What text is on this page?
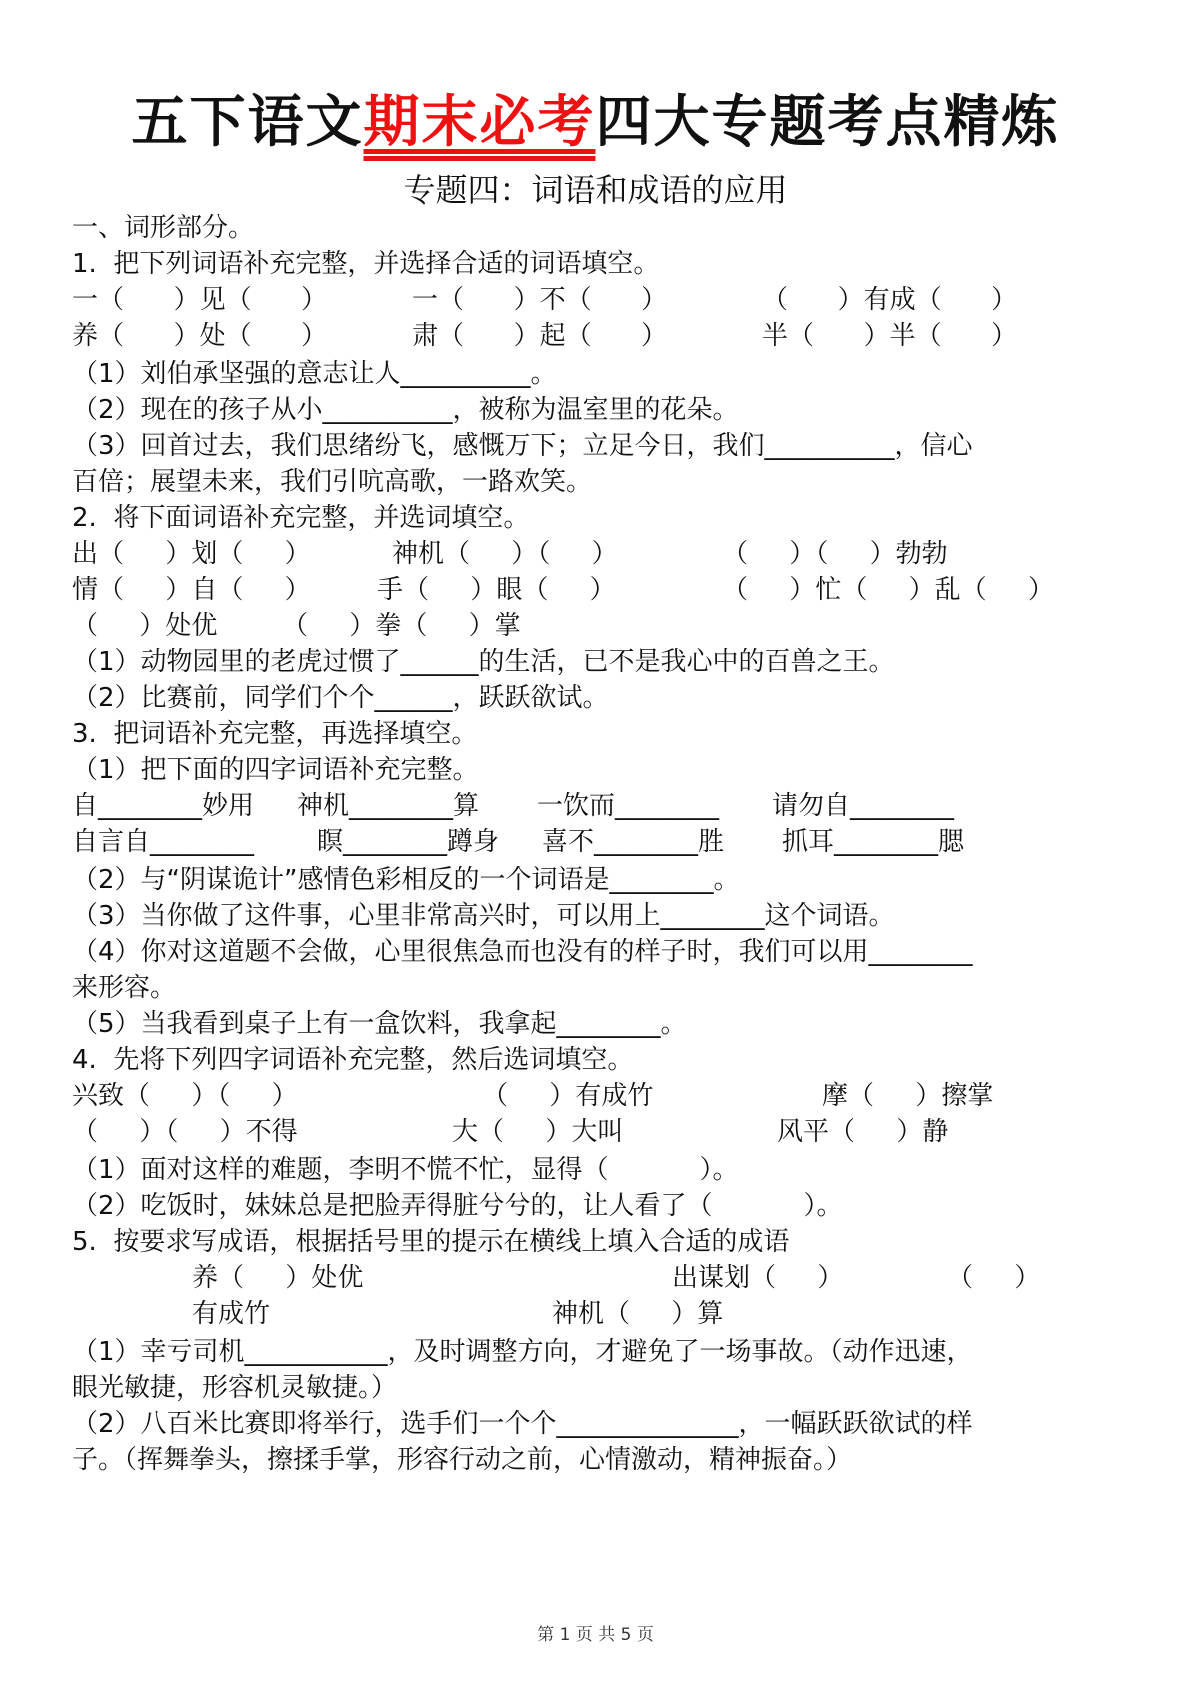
五下语文期末必考四大专题考点精炼
专题四：词语和成语的应用
一、词形部分。
1.  把下列词语补充完整，并选择合适的词语填空。
一（      ）见（      ）	一（      ）不（      ）	（      ）有成（      ）
养（      ）处（      ）	肃（      ）起（      ）	半（      ）半（      ）
（1）刘伯承坚强的意志让人__________。
（2）现在的孩子从小__________，被称为温室里的花朵。
（3）回首过去，我们思绪纷飞，感慨万下；立足今日，我们__________，信心
百倍；展望未来，我们引吭高歌，一路欢笑。
2.  将下面词语补充完整，并选词填空。
出（     ）划（     ）	神机（     ）（     ）	（     ）（     ）勃勃
情（     ）自（     ）	手（     ）眼（     ）	（     ）忙（     ）乱（     ）
（     ）处优 （     ）拳（     ）掌
（1）动物园里的老虎过惯了______的生活，已不是我心中的百兽之王。
（2）比赛前，同学们个个______，跃跃欲试。
3.  把词语补充完整，再选择填空。
（1）把下面的四字词语补充完整。
自________妙用 神机________算 一饮而________ 请勿自________
自言自________ 瞑________蹲身 喜不________胜 抓耳________腮
（2）与“阴谋诡计”感情色彩相反的一个词语是________。
（3）当你做了这件事，心里非常高兴时，可以用上________这个词语。
（4）你对这道题不会做，心里很焦急而也没有的样子时，我们可以用________
来形容。
（5）当我看到桌子上有一盒饮料，我拿起________。
4.  先将下列四字词语补充完整，然后选词填空。
兴致（     ）（     ）	（     ）有成竹	摩（     ）擦掌
（     ）（     ）不得	大（     ）大叫	风平（     ）静
（1）面对这样的难题，李明不慌不忙，显得（           ）。
（2）吃饭时，妹妹总是把脸弄得脏兮兮的，让人看了（           ）。
5.  按要求写成语，根据括号里的提示在横线上填入合适的成语
养（     ）处优	出谋划（     ）	（     ）
有成竹	神机（     ）算
（1）幸亏司机___________，及时调整方向，才避免了一场事故。（动作迅速，
眼光敏捷，形容机灵敏捷。）
（2）八百米比赛即将举行，选手们一个个______________，一幅跃跃欲试的样
子。（挥舞拳头，擦揉手掌，形容行动之前，心情激动，精神振奋。）
第 1 页 共 5 页
